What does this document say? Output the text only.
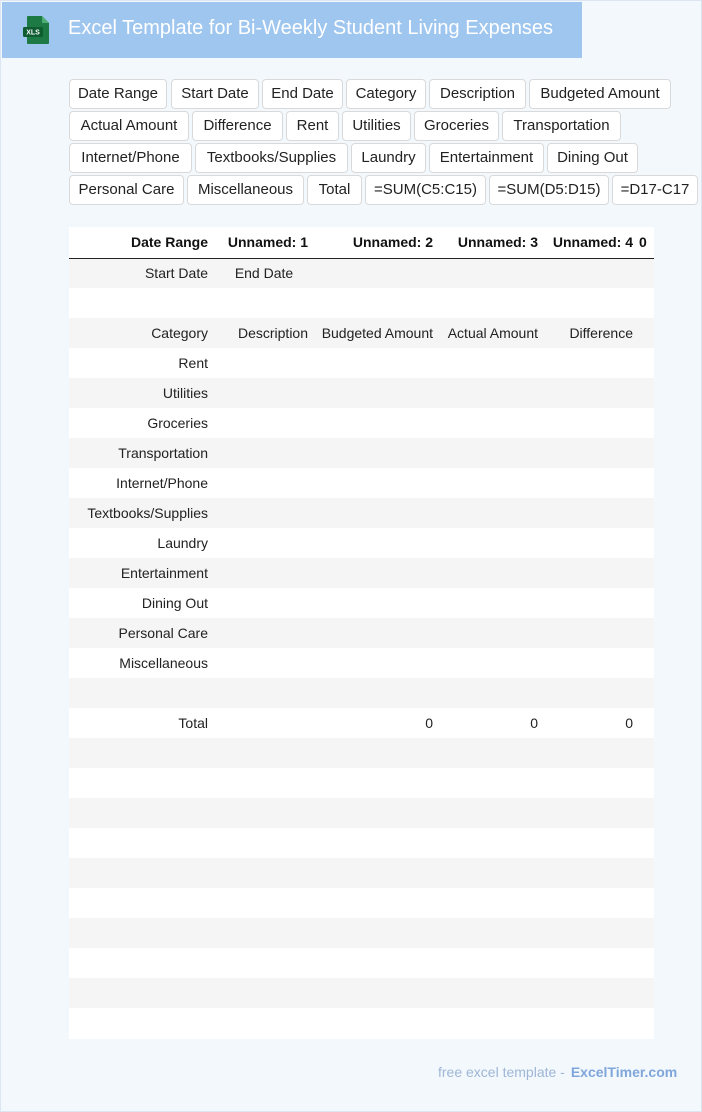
XLS Excel Template for Bi-Weekly Student Living Expenses
Date Range	Start Date	End Date	Category	Description	Budgeted Amount
Actual Amount	Difference	Rent	Utilities	Groceries	Transportation
Internet/Phone	Textbooks/Supplies	Laundry	Entertainment	Dining Out
Personal Care	Miscellaneous	Total	=SUM(C5:C15)	=SUM(D5:D15)	=D17-C17
	Date Range	Unnamed: 1	Unnamed: 2	Unnamed: 3	Unnamed: 4	0
	Start Date	End Date				

	Category	Description	Budgeted Amount	Actual Amount	Difference	
	Rent					
	Utilities					
	Groceries					
	Transportation					
	Internet/Phone					
	Textbooks/Supplies					
	Laundry					
	Entertainment					
	Dining Out					
	Personal Care					
	Miscellaneous					

	Total		0	0	0	

free excel template - ExcelTimer.com
